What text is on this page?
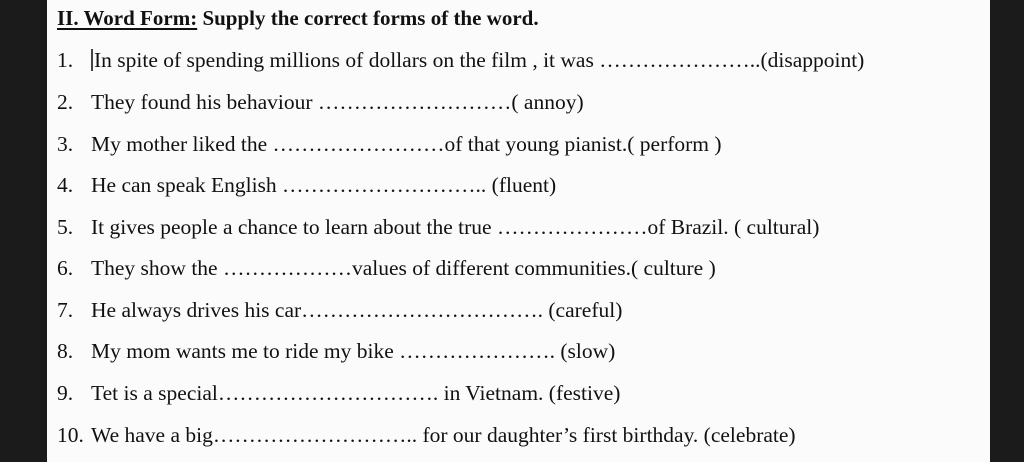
II. Word Form: Supply the correct forms of the word.
1. In spite of spending millions of dollars on the film , it was …………………..(disappoint)
2. They found his behaviour ………………………( annoy)
3. My mother liked the ……………………of that young pianist.( perform )
4. He can speak English ……………………….. (fluent)
5. It gives people a chance to learn about the true …………………of Brazil. ( cultural)
6. They show the ………………values of different communities.( culture )
7. He always drives his car……………………………. (careful)
8. My mom wants me to ride my bike …………………. (slow)
9. Tet is a special…………………………. in Vietnam. (festive)
10. We have a big……………………….. for our daughter’s first birthday. (celebrate)
